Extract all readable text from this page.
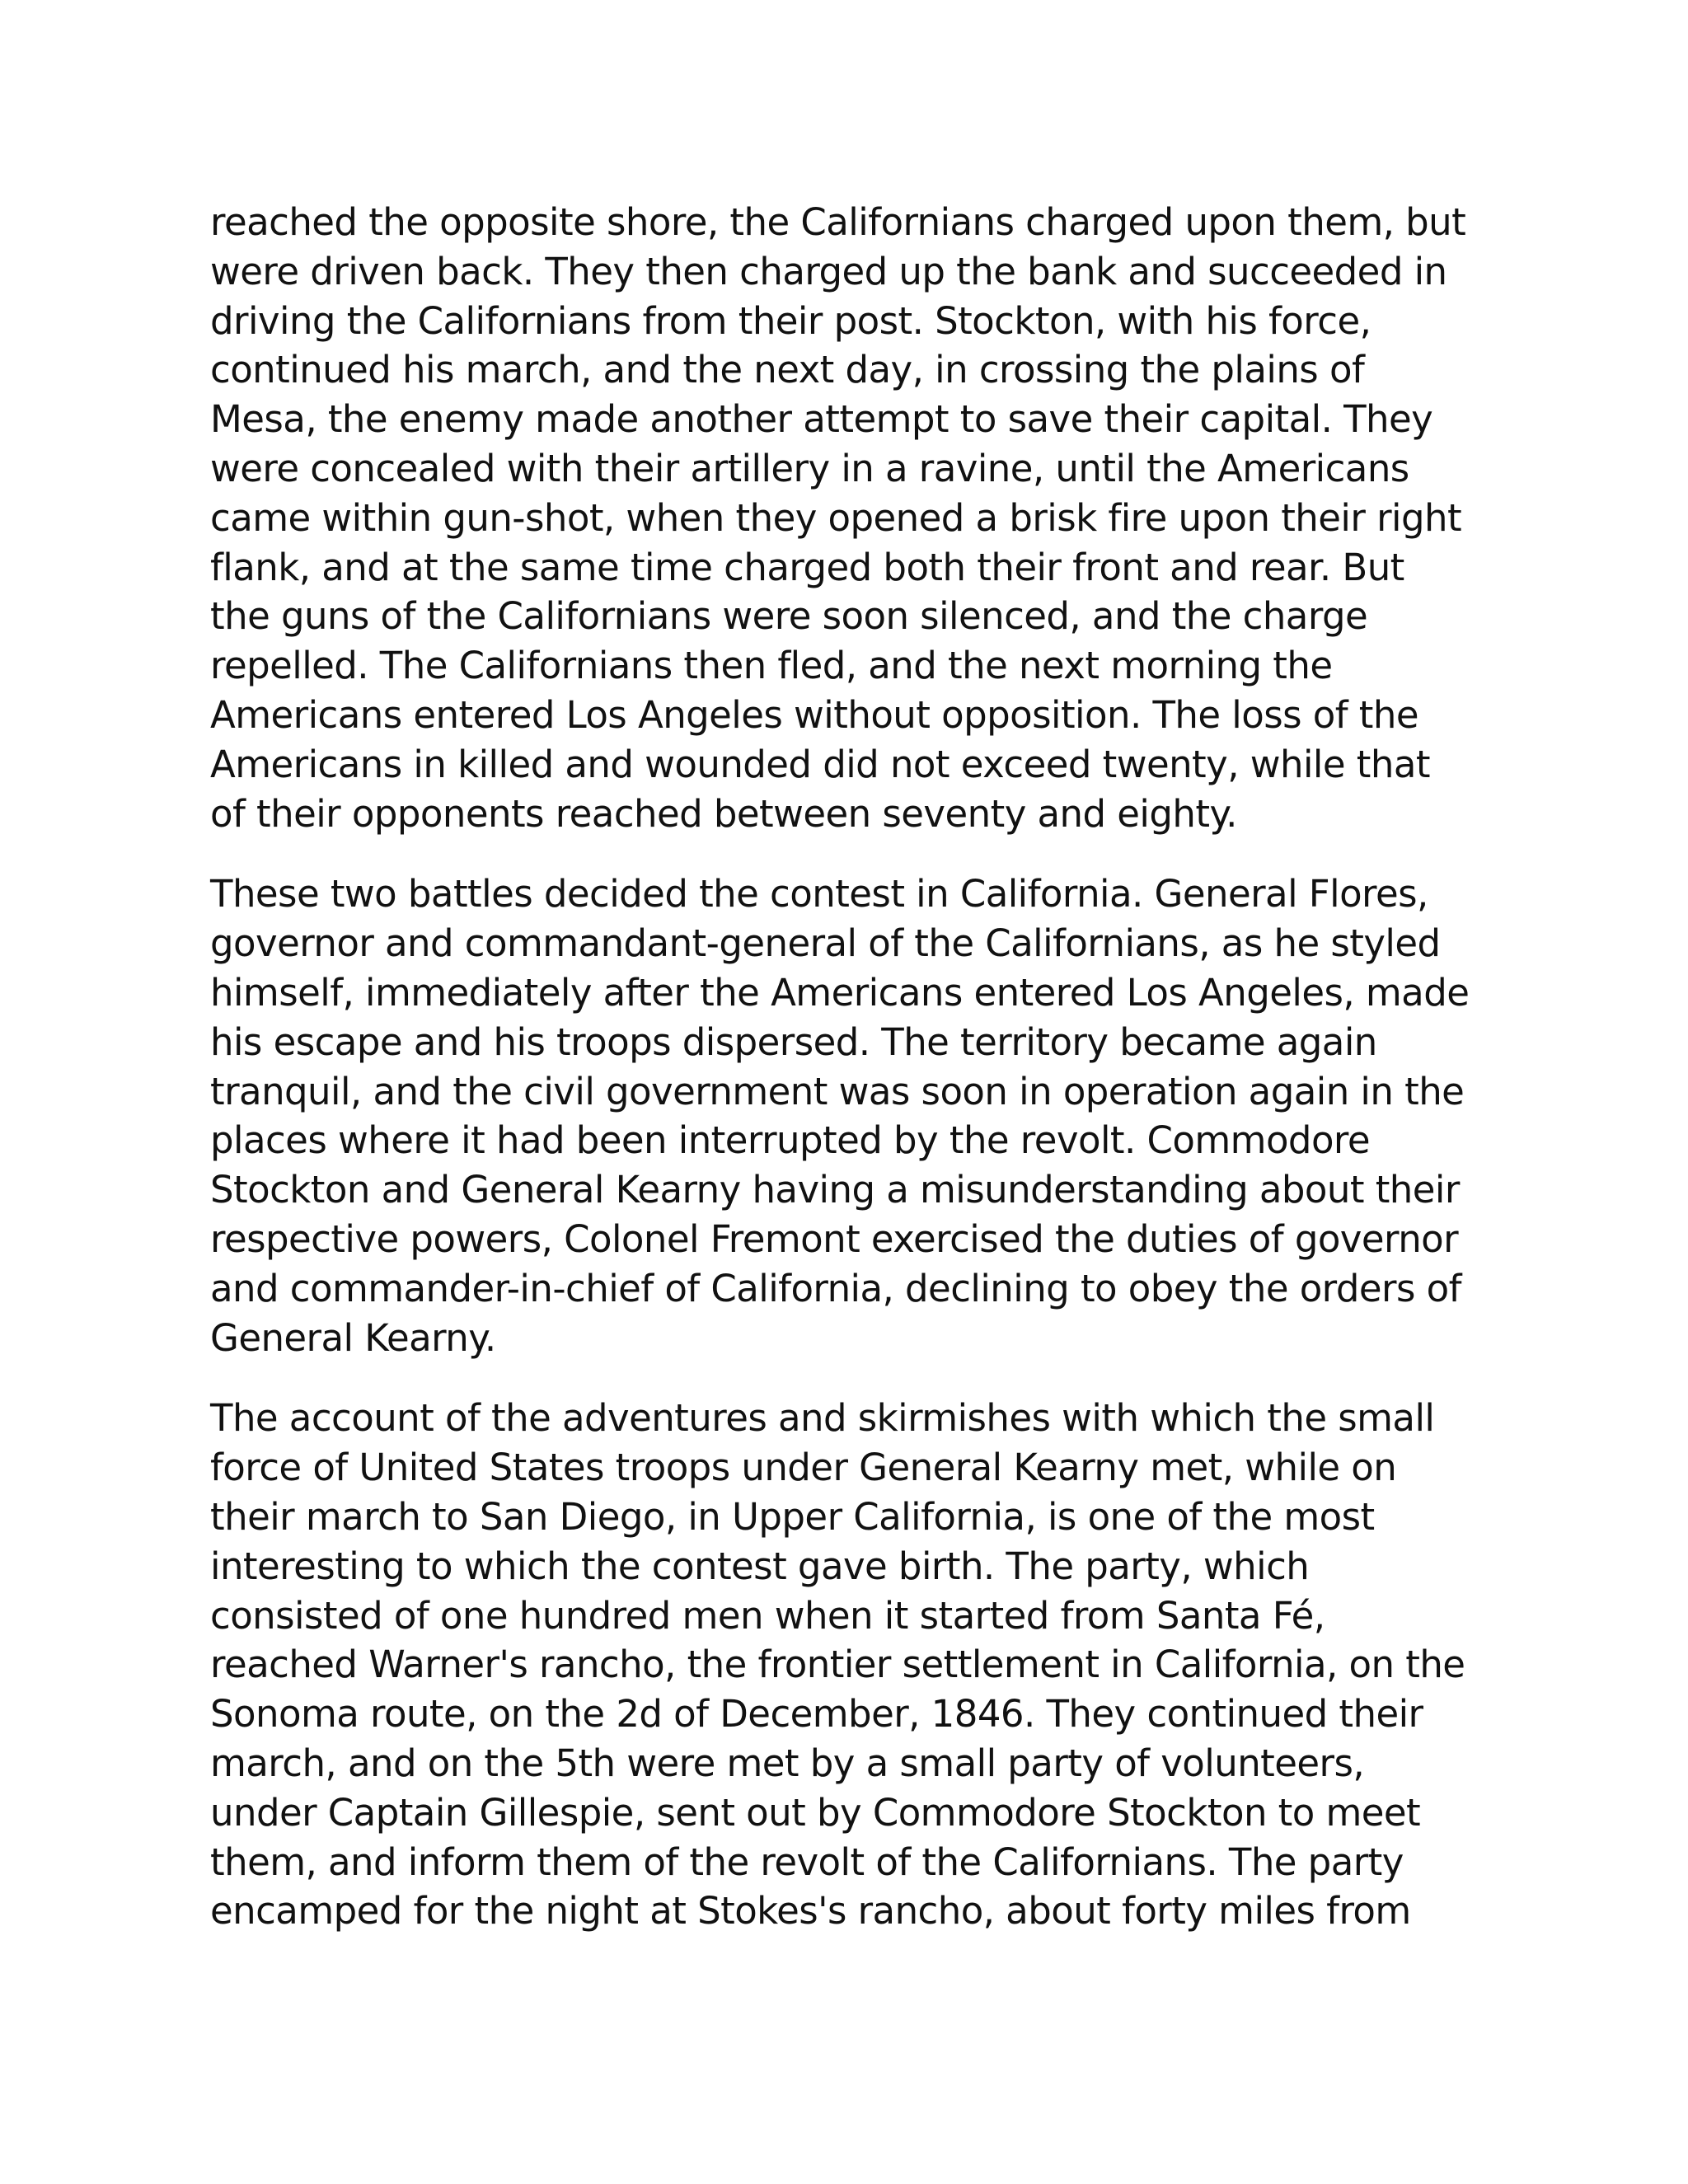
reached the opposite shore, the Californians charged upon them, but
were driven back. They then charged up the bank and succeeded in
driving the Californians from their post. Stockton, with his force,
continued his march, and the next day, in crossing the plains of
Mesa, the enemy made another attempt to save their capital. They
were concealed with their artillery in a ravine, until the Americans
came within gun-shot, when they opened a brisk fire upon their right
flank, and at the same time charged both their front and rear. But
the guns of the Californians were soon silenced, and the charge
repelled. The Californians then fled, and the next morning the
Americans entered Los Angeles without opposition. The loss of the
Americans in killed and wounded did not exceed twenty, while that
of their opponents reached between seventy and eighty.

These two battles decided the contest in California. General Flores,
governor and commandant-general of the Californians, as he styled
himself, immediately after the Americans entered Los Angeles, made
his escape and his troops dispersed. The territory became again
tranquil, and the civil government was soon in operation again in the
places where it had been interrupted by the revolt. Commodore
Stockton and General Kearny having a misunderstanding about their
respective powers, Colonel Fremont exercised the duties of governor
and commander-in-chief of California, declining to obey the orders of
General Kearny.

The account of the adventures and skirmishes with which the small
force of United States troops under General Kearny met, while on
their march to San Diego, in Upper California, is one of the most
interesting to which the contest gave birth. The party, which
consisted of one hundred men when it started from Santa Fé,
reached Warner's rancho, the frontier settlement in California, on the
Sonoma route, on the 2d of December, 1846. They continued their
march, and on the 5th were met by a small party of volunteers,
under Captain Gillespie, sent out by Commodore Stockton to meet
them, and inform them of the revolt of the Californians. The party
encamped for the night at Stokes's rancho, about forty miles from
